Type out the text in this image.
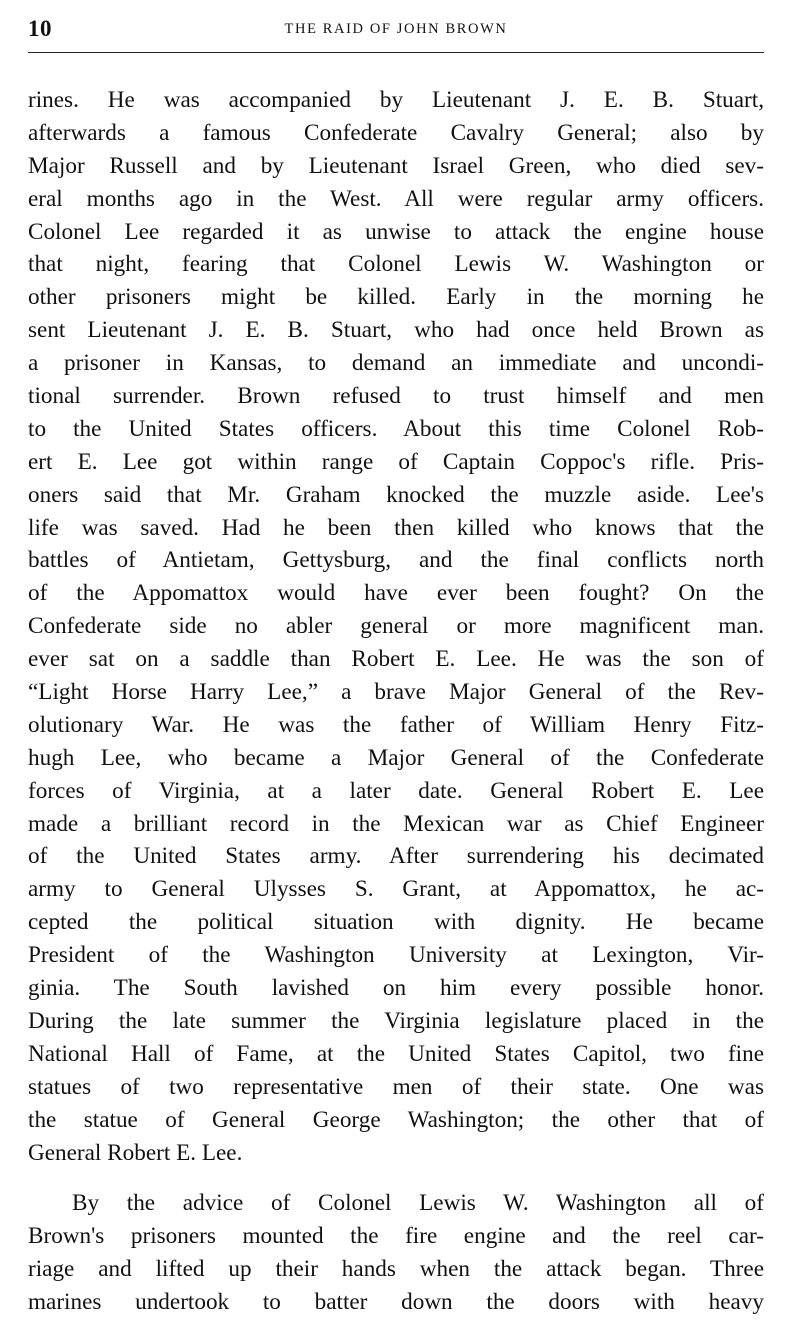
10	THE RAID OF JOHN BROWN
rines. He was accompanied by Lieutenant J. E. B. Stuart,
afterwards a famous Confederate Cavalry General; also by
Major Russell and by Lieutenant Israel Green, who died sev-
eral months ago in the West. All were regular army officers.
Colonel Lee regarded it as unwise to attack the engine house
that night, fearing that Colonel Lewis W. Washington or
other prisoners might be killed. Early in the morning he
sent Lieutenant J. E. B. Stuart, who had once held Brown as
a prisoner in Kansas, to demand an immediate and uncondi-
tional surrender. Brown refused to trust himself and men
to the United States officers. About this time Colonel Rob-
ert E. Lee got within range of Captain Coppoc's rifle. Pris-
oners said that Mr. Graham knocked the muzzle aside. Lee's
life was saved. Had he been then killed who knows that the
battles of Antietam, Gettysburg, and the final conflicts north
of the Appomattox would have ever been fought? On the
Confederate side no abler general or more magnificent man.
ever sat on a saddle than Robert E. Lee. He was the son of
“Light Horse Harry Lee,” a brave Major General of the Rev-
olutionary War. He was the father of William Henry Fitz-
hugh Lee, who became a Major General of the Confederate
forces of Virginia, at a later date. General Robert E. Lee
made a brilliant record in the Mexican war as Chief Engineer
of the United States army. After surrendering his decimated
army to General Ulysses S. Grant, at Appomattox, he ac-
cepted the political situation with dignity. He became
President of the Washington University at Lexington, Vir-
ginia. The South lavished on him every possible honor.
During the late summer the Virginia legislature placed in the
National Hall of Fame, at the United States Capitol, two fine
statues of two representative men of their state. One was
the statue of General George Washington; the other that of
General Robert E. Lee.
By the advice of Colonel Lewis W. Washington all of
Brown's prisoners mounted the fire engine and the reel car-
riage and lifted up their hands when the attack began. Three
marines undertook to batter down the doors with heavy
